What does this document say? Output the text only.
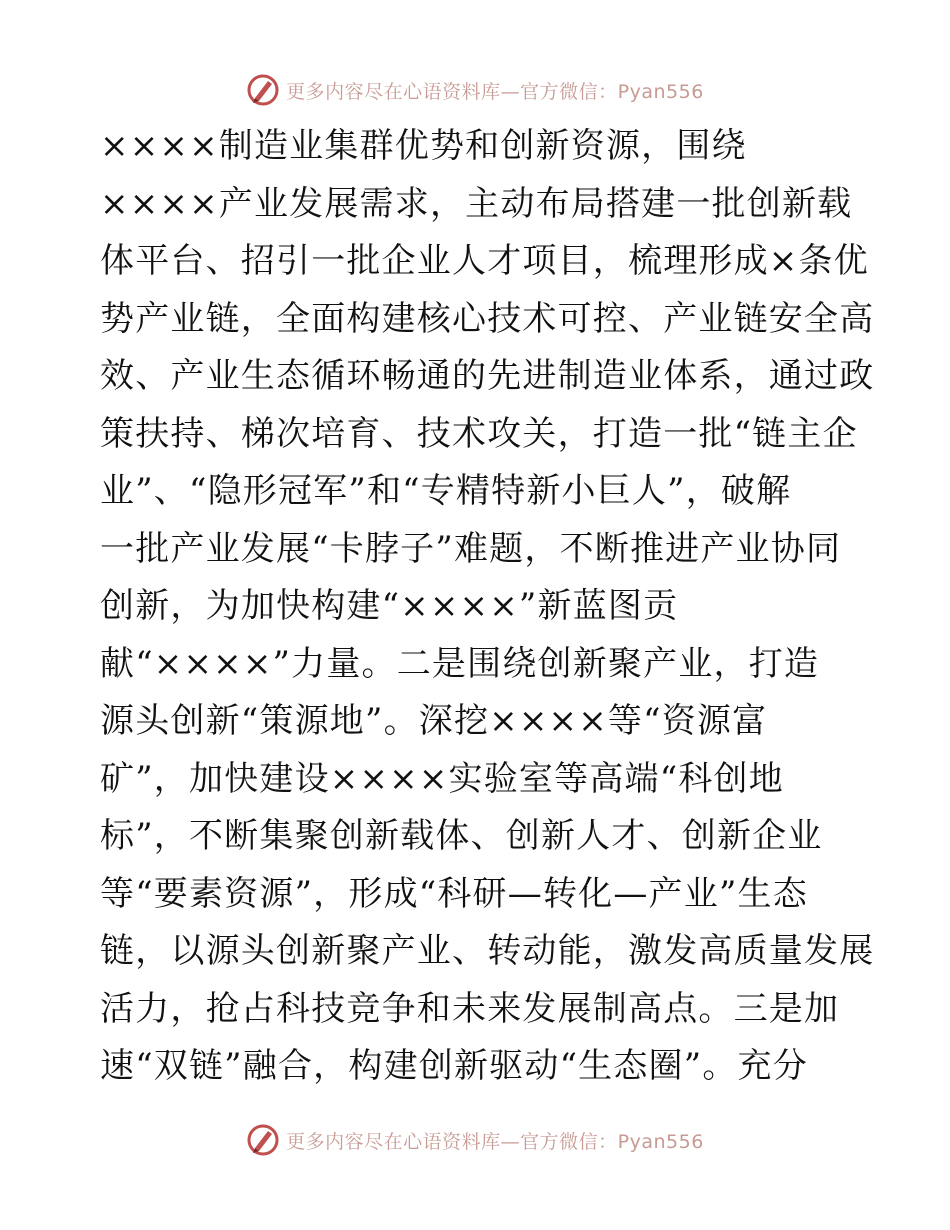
更多内容尽在心语资料库—官方微信：Pyan556
××××制造业集群优势和创新资源，围绕
××××产业发展需求，主动布局搭建一批创新载
体平台、招引一批企业人才项目，梳理形成×条优
势产业链，全面构建核心技术可控、产业链安全高
效、产业生态循环畅通的先进制造业体系，通过政
策扶持、梯次培育、技术攻关，打造一批“链主企
业”、“隐形冠军”和“专精特新小巨人”，破解
一批产业发展“卡脖子”难题，不断推进产业协同
创新，为加快构建“××××”新蓝图贡
献“××××”力量。二是围绕创新聚产业，打造
源头创新“策源地”。深挖××××等“资源富
矿”，加快建设××××实验室等高端“科创地
标”，不断集聚创新载体、创新人才、创新企业
等“要素资源”，形成“科研—转化—产业”生态
链，以源头创新聚产业、转动能，激发高质量发展
活力，抢占科技竞争和未来发展制高点。三是加
速“双链”融合，构建创新驱动“生态圈”。充分
更多内容尽在心语资料库—官方微信：Pyan556
